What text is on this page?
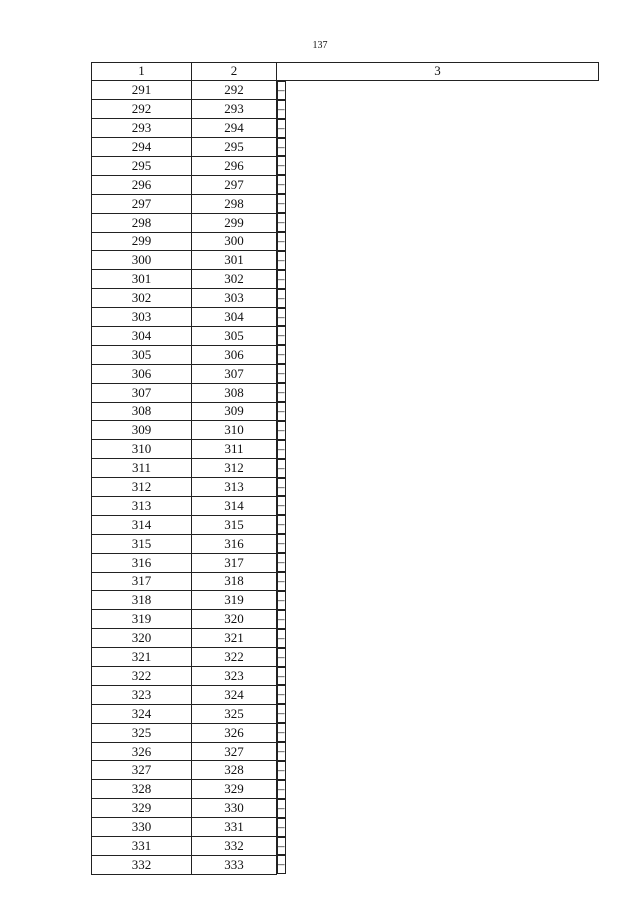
137
1	2	3
291	292		–
292	293		–
293	294		–
294	295		–
295	296		–
296	297		–
297	298		–
298	299		–
299	300		–
300	301		–
301	302		–
302	303		–
303	304		–
304	305		–
305	306		–
306	307		–
307	308		–
308	309		–
309	310		–
310	311		–
311	312		–
312	313		–
313	314		–
314	315		–
315	316		–
316	317		–
317	318		–
318	319		–
319	320		–
320	321		–
321	322		–
322	323		–
323	324		–
324	325		–
325	326		–
326	327		–
327	328		–
328	329		–
329	330		–
330	331		–
331	332		–
332	333		–
